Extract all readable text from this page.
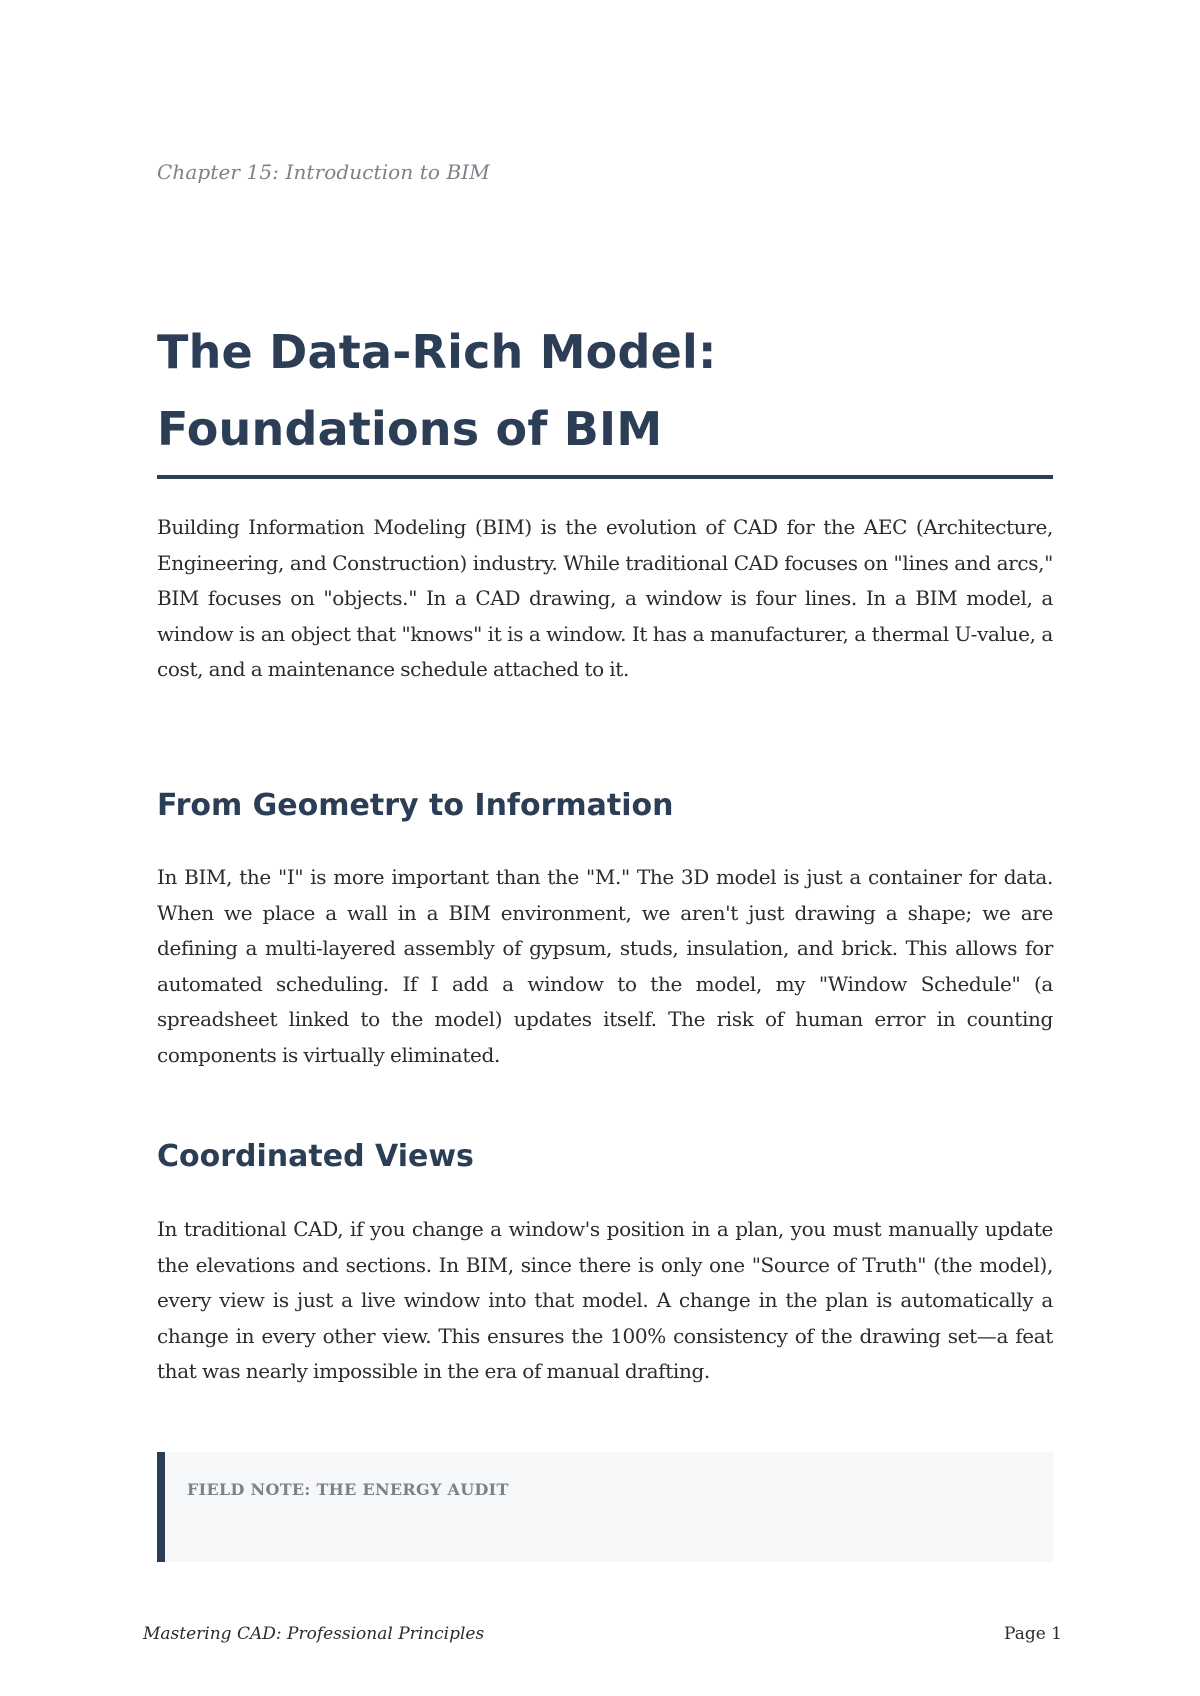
Chapter 15: Introduction to BIM
The Data-Rich Model: Foundations of BIM

Building Information Modeling (BIM) is the evolution of CAD for the AEC (Architecture, Engineering, and Construction) industry. While traditional CAD focuses on "lines and arcs," BIM focuses on "objects." In a CAD drawing, a window is four lines. In a BIM model, a window is an object that "knows" it is a window. It has a manufacturer, a thermal U-value, a cost, and a maintenance schedule attached to it.

From Geometry to Information

In BIM, the "I" is more important than the "M." The 3D model is just a container for data. When we place a wall in a BIM environment, we aren't just drawing a shape; we are defining a multi-layered assembly of gypsum, studs, insulation, and brick. This allows for automated scheduling. If I add a window to the model, my "Window Schedule" (a spreadsheet linked to the model) updates itself. The risk of human error in counting components is virtually eliminated.

Coordinated Views

In traditional CAD, if you change a window's position in a plan, you must manually update the elevations and sections. In BIM, since there is only one "Source of Truth" (the model), every view is just a live window into that model. A change in the plan is automatically a change in every other view. This ensures the 100% consistency of the drawing set—a feat that was nearly impossible in the era of manual drafting.

FIELD NOTE: THE ENERGY AUDIT
Mastering CAD: Professional Principles	Page 1
